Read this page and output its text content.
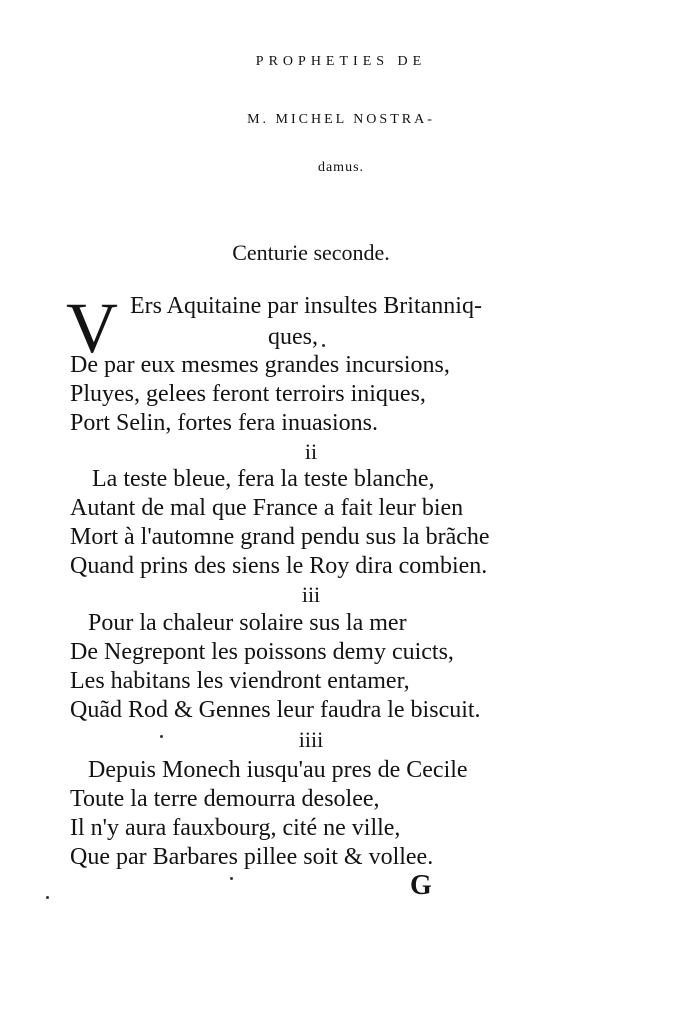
PROPHETIES DE
M. MICHEL NOSTRA-
damus.
Centurie seconde.
V Ers Aquitaine par insultes Britanniq-
ques,
De par eux mesmes grandes incursions,
Pluyes, gelees feront terroirs iniques,
Port Selin, fortes fera inuasions.
ii
La teste bleue, fera la teste blanche,
Autant de mal que France a fait leur bien
Mort à l'automne grand pendu sus la brãche
Quand prins des siens le Roy dira combien.
iii
Pour la chaleur solaire sus la mer
De Negrepont les poissons demy cuicts,
Les habitans les viendront entamer,
Quãd Rod & Gennes leur faudra le biscuit.
iiii
Depuis Monech iusqu'au pres de Cecile
Toute la terre demourra desolee,
Il n'y aura fauxbourg, cité ne ville,
Que par Barbares pillee soit & vollee.
G
